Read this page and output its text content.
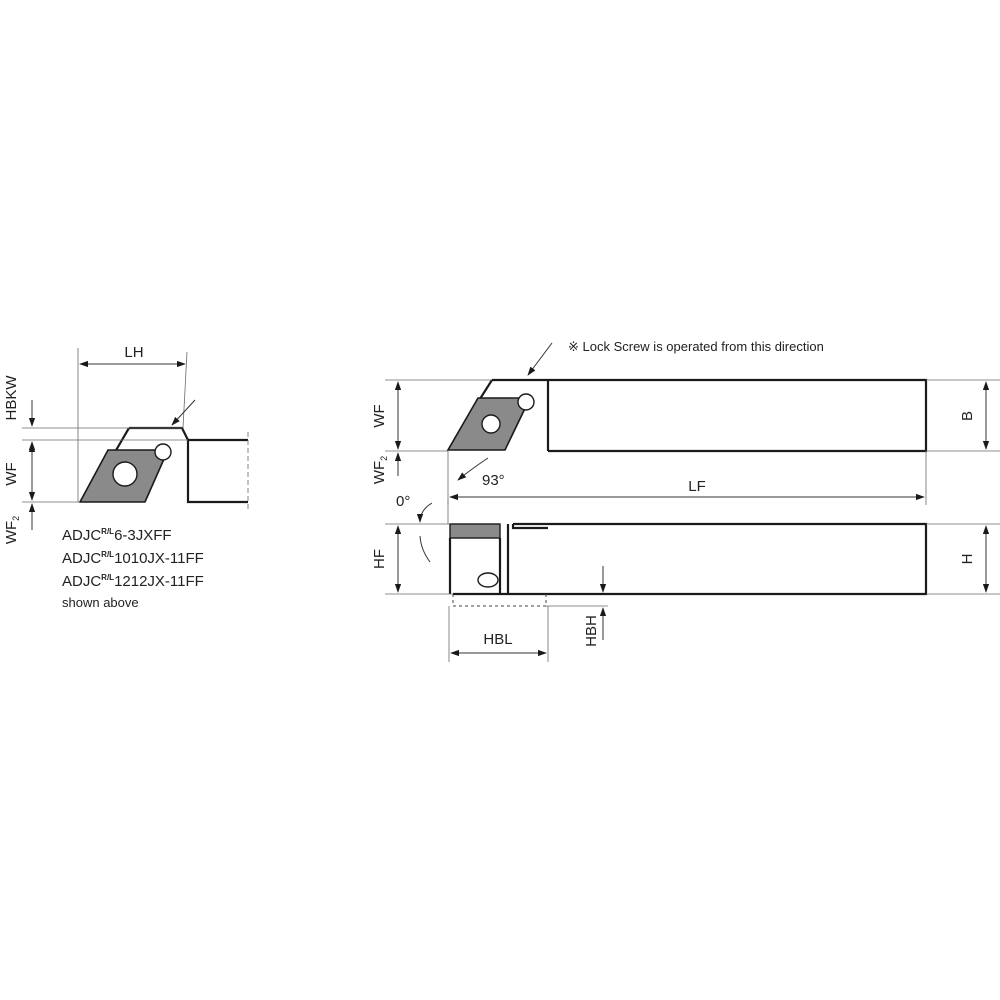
LH
HBKW
WF
$WF_2$
$ADJC^{R/L}6-3JXFF$
$ADJC^{R/L}1010JX-11FF$
$ADJC^{R/L}1212JX-11FF$
shown above
WF
$WF_2$
B
LF
93°
※ Lock Screw is operated from this direction
0°
HF	H
HBH
HBL
